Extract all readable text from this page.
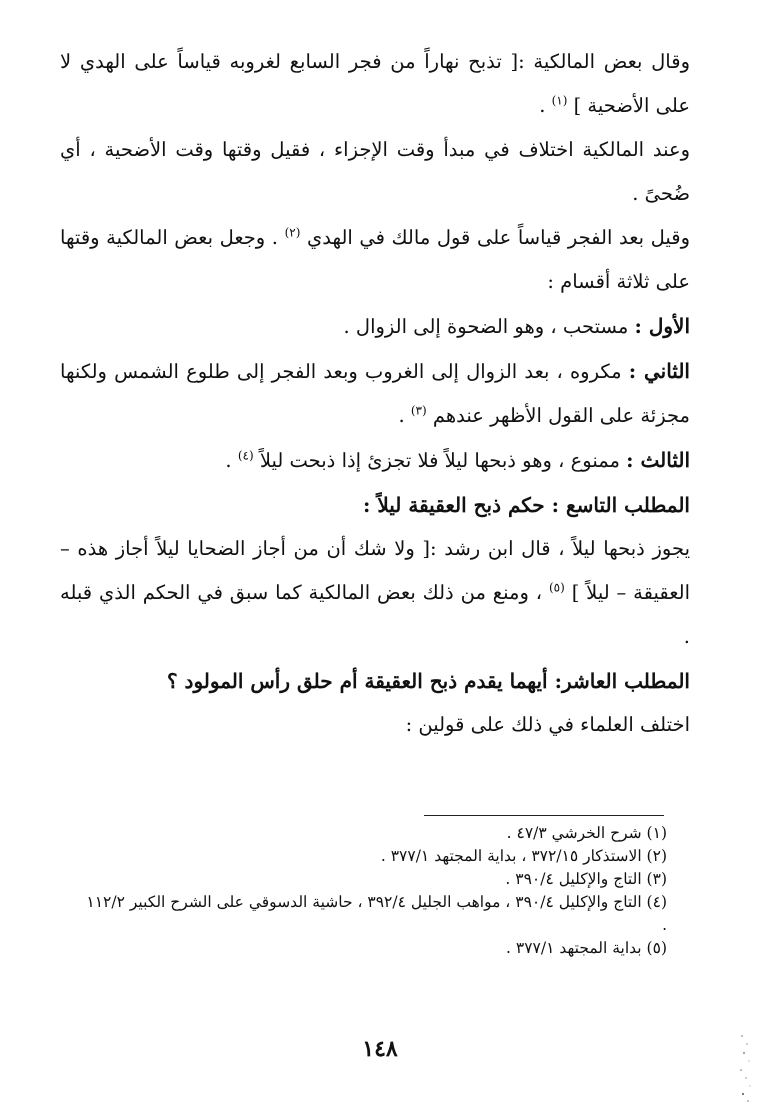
وقال بعض المالكية :[ تذبح نهاراً من فجر السابع لغروبه قياساً على الهدي لا على الأضحية ] $^{(١)}$ .

وعند المالكية اختلاف في مبدأ وقت الإجزاء ، فقيل وقتها وقت الأضحية ، أي ضُحىً .

وقيل بعد الفجر قياساً على قول مالك في الهدي $^{(٢)}$ . وجعل بعض المالكية وقتها على ثلاثة أقسام :

الأول : مستحب ، وهو الضحوة إلى الزوال .

الثاني : مكروه ، بعد الزوال إلى الغروب وبعد الفجر إلى طلوع الشمس ولكنها مجزئة على القول الأظهر عندهم $^{(٣)}$ .

الثالث : ممنوع ، وهو ذبحها ليلاً فلا تجزئ إذا ذبحت ليلاً $^{(٤)}$ .

المطلب التاسع : حكم ذبح العقيقة ليلاً :

يجوز ذبحها ليلاً ، قال ابن رشد :[ ولا شك أن من أجاز الضحايا ليلاً أجاز هذه – العقيقة – ليلاً ] $^{(٥)}$ ، ومنع من ذلك بعض المالكية كما سبق في الحكم الذي قبله .

المطلب العاشر: أيهما يقدم ذبح العقيقة أم حلق رأس المولود ؟

اختلف العلماء في ذلك على قولين :

(١) شرح الخرشي ٤٧/٣ .
(٢) الاستذكار ٣٧٢/١٥ ، بداية المجتهد ٣٧٧/١ .
(٣) التاج والإكليل ٣٩٠/٤ .
(٤) التاج والإكليل ٣٩٠/٤ ، مواهب الجليل ٣٩٢/٤ ، حاشية الدسوقي على الشرح الكبير ١١٢/٢ .
(٥) بداية المجتهد ٣٧٧/١ .
١٤٨
